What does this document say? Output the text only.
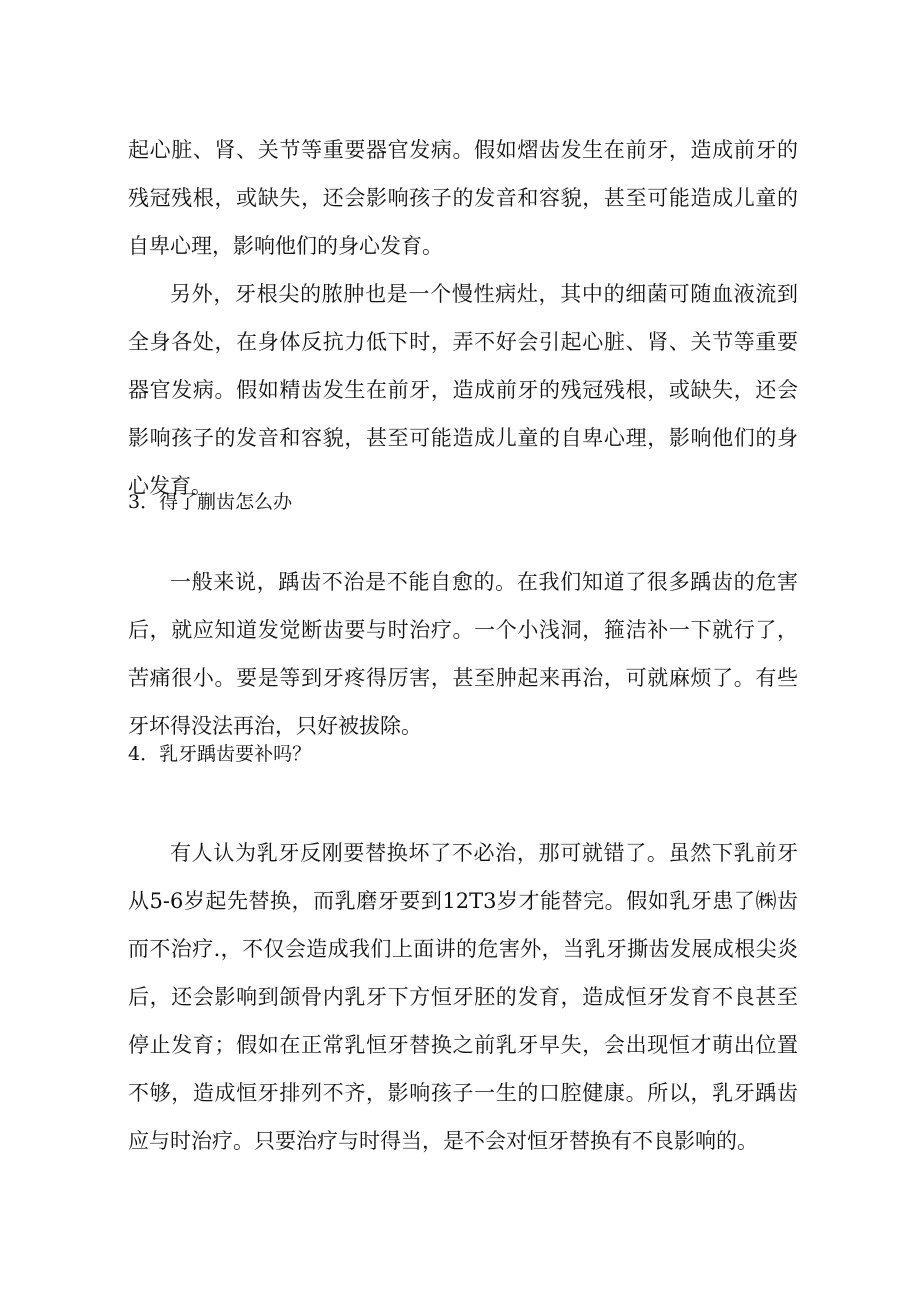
起心脏、肾、关节等重要器官发病。假如熠齿发生在前牙，造成前牙的残冠残根，或缺失，还会影响孩子的发音和容貌，甚至可能造成儿童的自卑心理，影响他们的身心发育。

另外，牙根尖的脓肿也是一个慢性病灶，其中的细菌可随血液流到全身各处，在身体反抗力低下时，弄不好会引起心脏、肾、关节等重要器官发病。假如精齿发生在前牙，造成前牙的残冠残根，或缺失，还会影响孩子的发音和容貌，甚至可能造成儿童的自卑心理，影响他们的身心发育。

3．得了蒯齿怎么办

一般来说，踽齿不治是不能自愈的。在我们知道了很多踽齿的危害后，就应知道发觉断齿要与时治疗。一个小浅洞，箍洁补一下就行了，苦痛很小。要是等到牙疼得厉害，甚至肿起来再治，可就麻烦了。有些牙坏得没法再治，只好被拔除。

4．乳牙踽齿要补吗？

有人认为乳牙反刚要替换坏了不必治，那可就错了。虽然下乳前牙从5-6岁起先替换，而乳磨牙要到12T3岁才能替完。假如乳牙患了㈱齿而不治疗.，不仅会造成我们上面讲的危害外，当乳牙撕齿发展成根尖炎后，还会影响到颌骨内乳牙下方恒牙胚的发育，造成恒牙发育不良甚至停止发育；假如在正常乳恒牙替换之前乳牙早失，会出现恒才萌出位置不够，造成恒牙排列不齐，影响孩子一生的口腔健康。所以，乳牙踽齿应与时治疗。只要治疗与时得当，是不会对恒牙替换有不良影响的。
